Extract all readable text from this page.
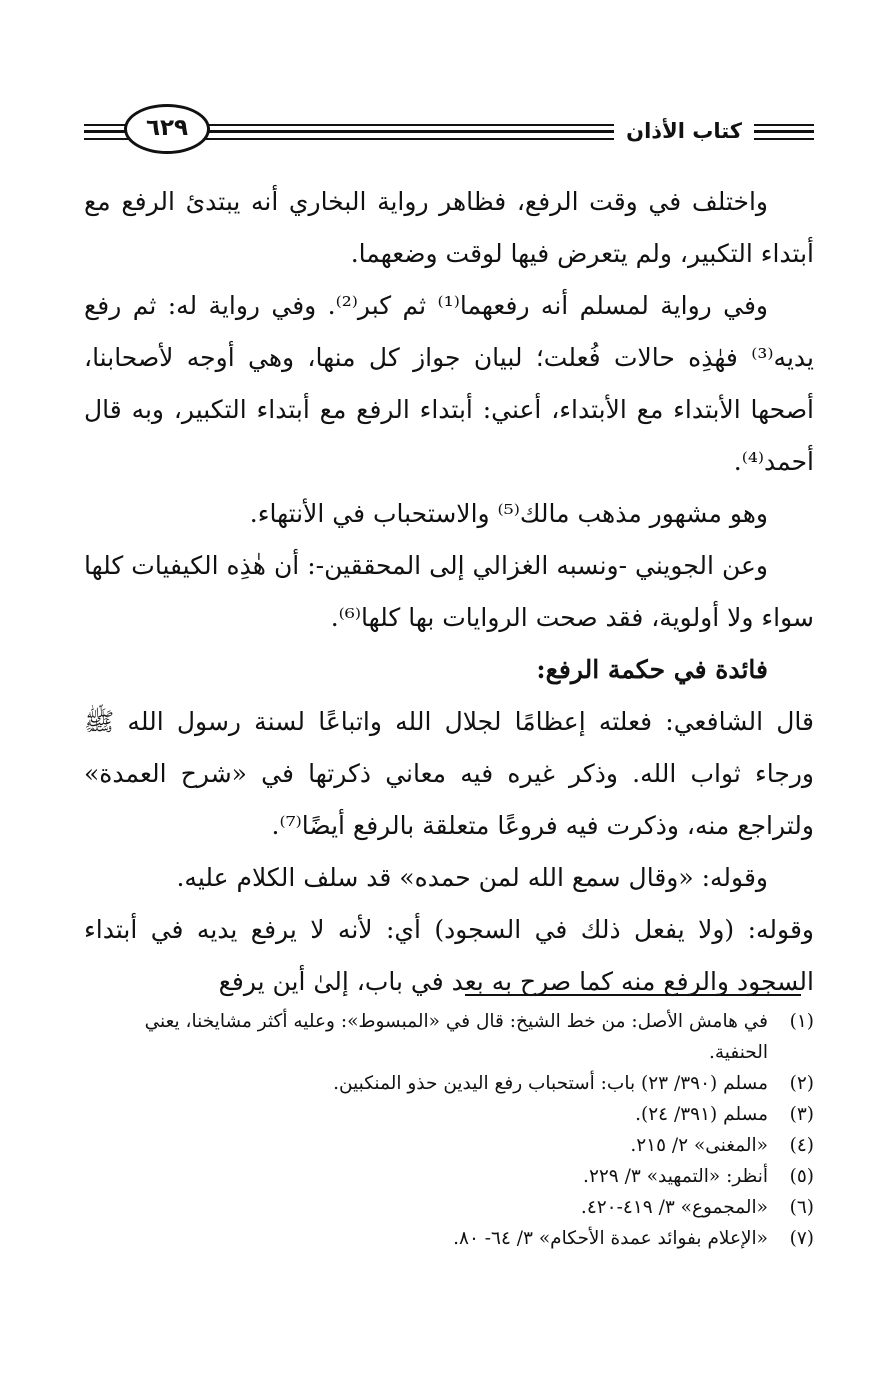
كتاب الأذان
٦٢٩

واختلف في وقت الرفع، فظاهر رواية البخاري أنه يبتدئ الرفع مع أبتداء التكبير، ولم يتعرض فيها لوقت وضعهما.

وفي رواية لمسلم أنه رفعهما⁽¹⁾ ثم كبر⁽²⁾. وفي رواية له: ثم رفع يديه⁽³⁾ فهٰذِه حالات فُعلت؛ لبيان جواز كل منها، وهي أوجه لأصحابنا، أصحها الأبتداء مع الأبتداء، أعني: أبتداء الرفع مع أبتداء التكبير، وبه قال أحمد⁽⁴⁾.

وهو مشهور مذهب مالك⁽⁵⁾ والاستحباب في الأنتهاء.

وعن الجويني -ونسبه الغزالي إلى المحققين-: أن هٰذِه الكيفيات كلها سواء ولا أولوية، فقد صحت الروايات بها كلها⁽⁶⁾.

فائدة في حكمة الرفع:

قال الشافعي: فعلته إعظامًا لجلال الله واتباعًا لسنة رسول الله ﷺ ورجاء ثواب الله. وذكر غيره فيه معاني ذكرتها في «شرح العمدة» ولتراجع منه، وذكرت فيه فروعًا متعلقة بالرفع أيضًا⁽⁷⁾.

وقوله: «وقال سمع الله لمن حمده» قد سلف الكلام عليه.

وقوله: (ولا يفعل ذلك في السجود) أي: لأنه لا يرفع يديه في أبتداء السجود والرفع منه كما صرح به بعد في باب، إلىٰ أين يرفع

(١)
في هامش الأصل: من خط الشيخ: قال في «المبسوط»: وعليه أكثر مشايخنا، يعني الحنفية.
(٢)
مسلم (٣٩٠/ ٢٣) باب: أستحباب رفع اليدين حذو المنكبين.
(٣)
مسلم (٣٩١/ ٢٤).
(٤)
«المغنى» ٢/ ٢١٥.
(٥)
أنظر: «التمهيد» ٣/ ٢٢٩.
(٦)
«المجموع» ٣/ ٤١٩-٤٢٠.
(٧)
«الإعلام بفوائد عمدة الأحكام» ٣/ ٦٤- ٨٠.
